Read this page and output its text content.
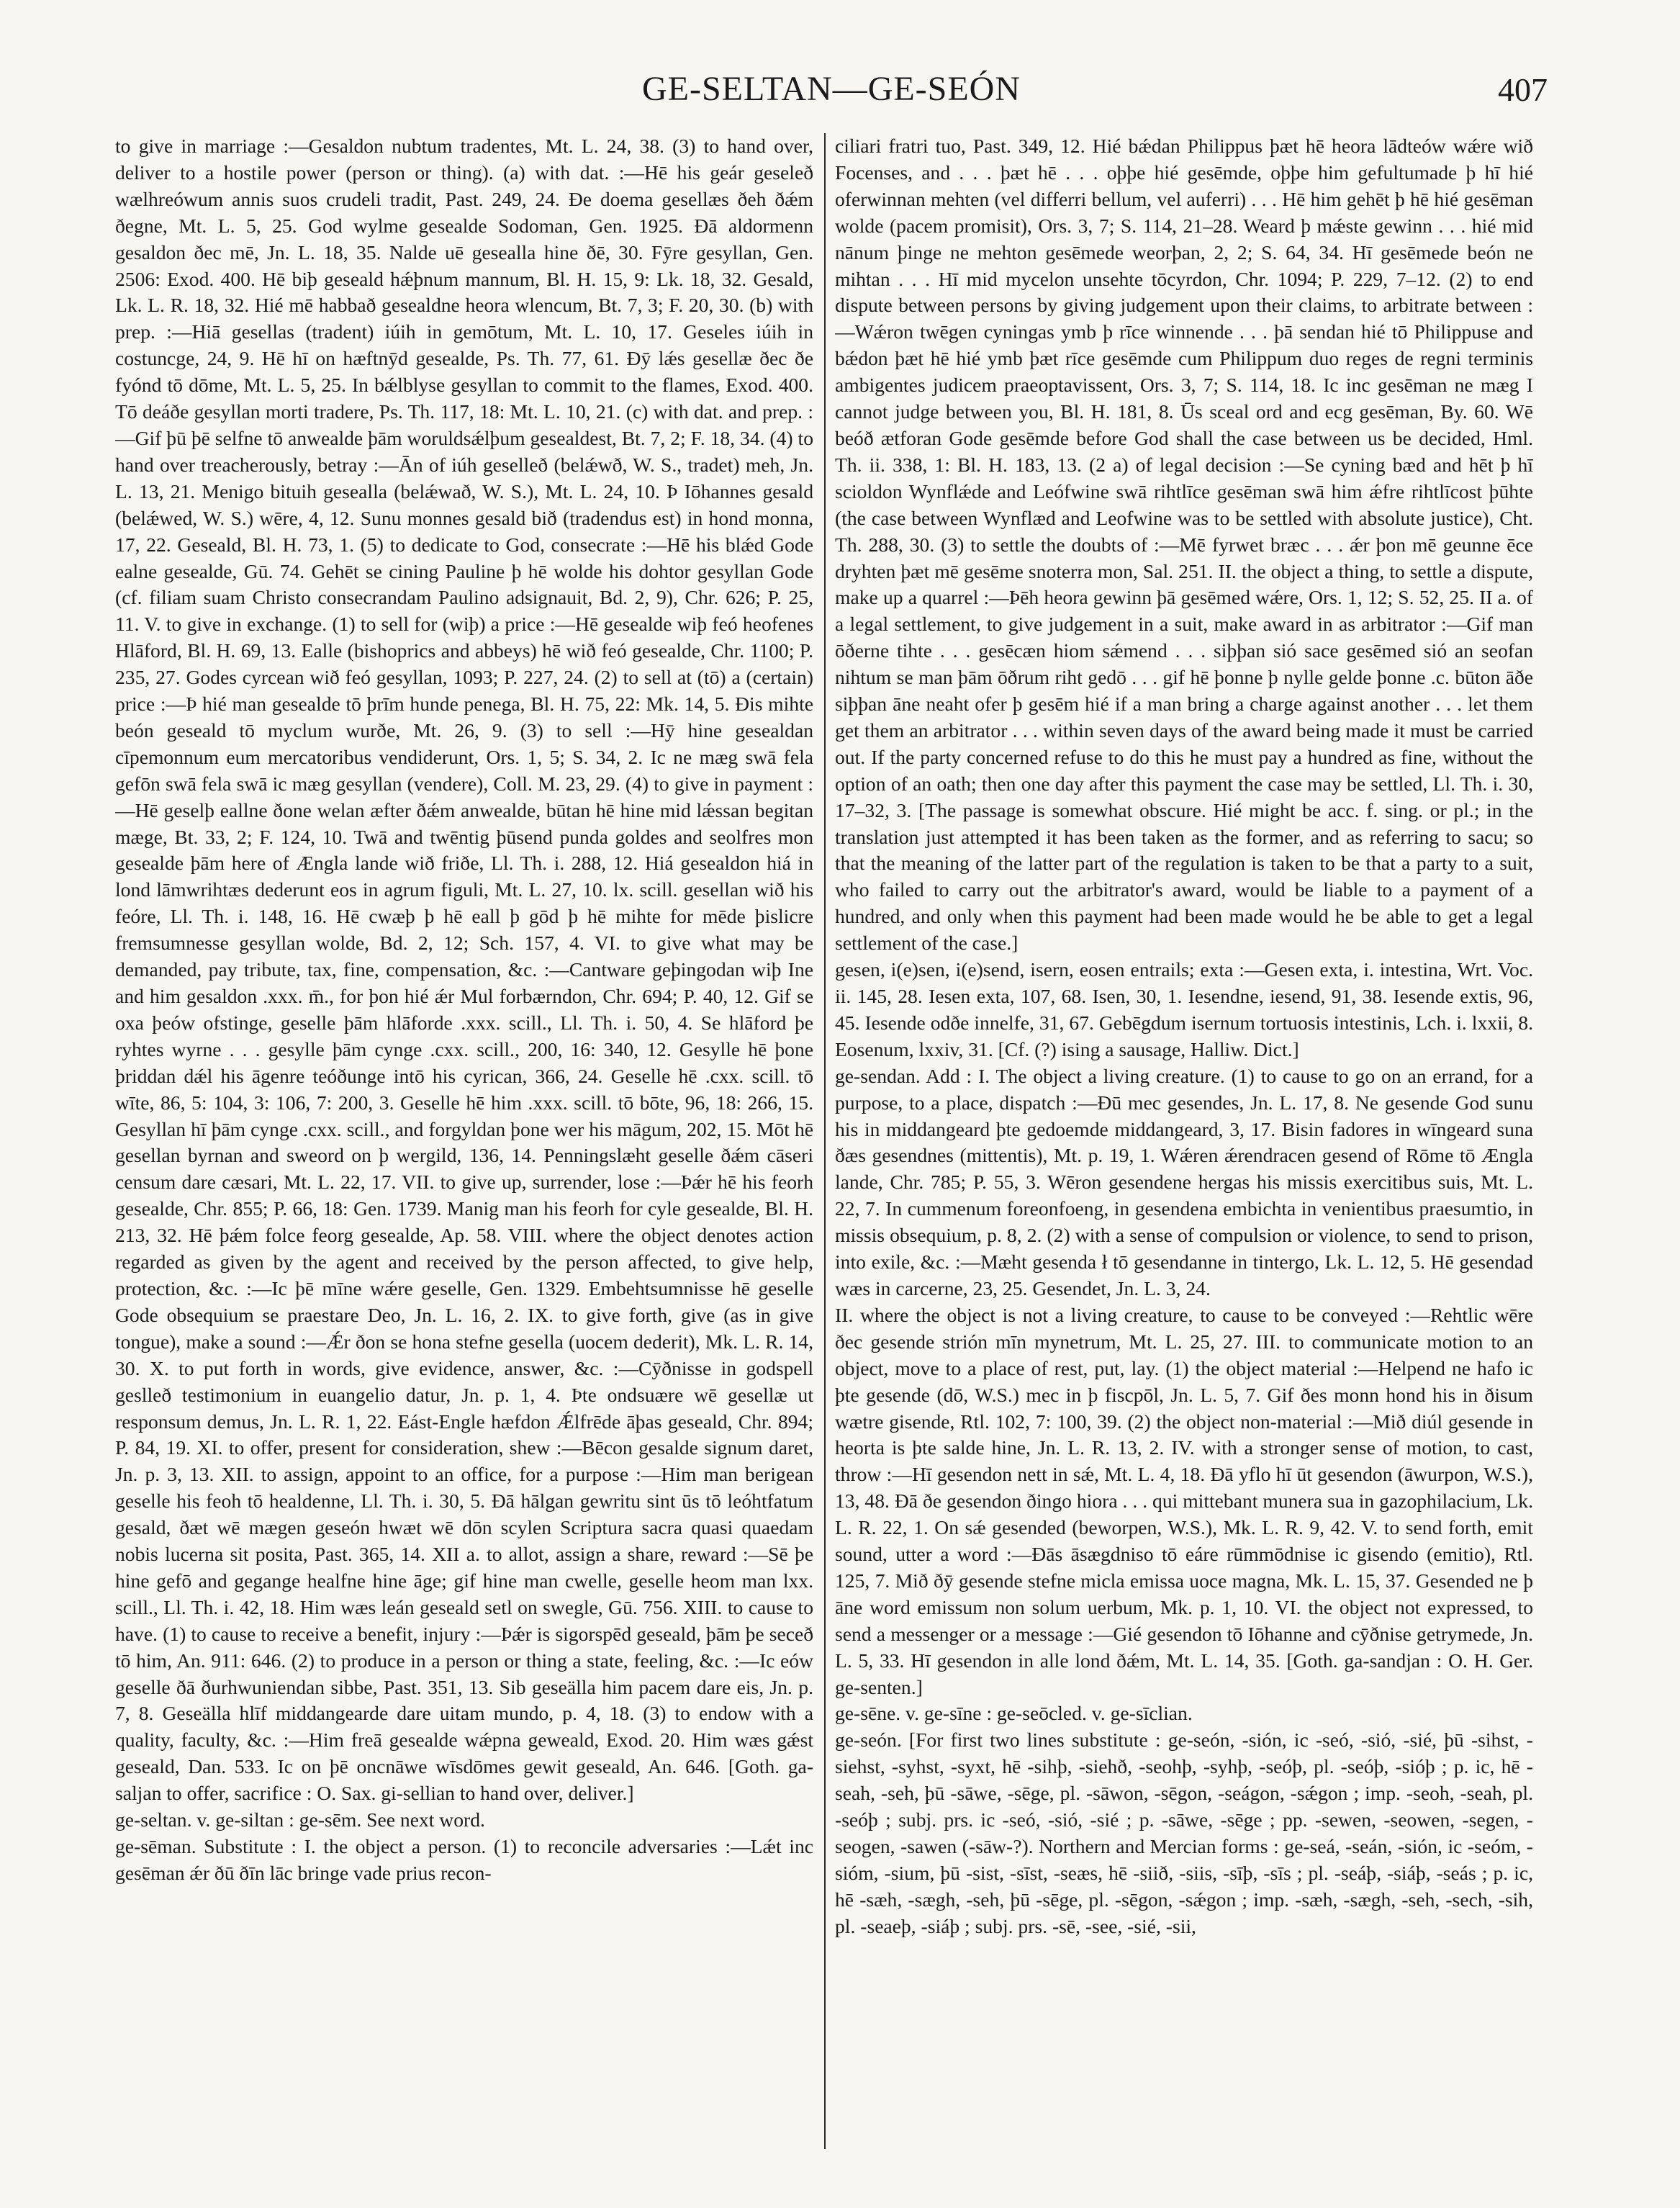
GE-SELTAN—GE-SEÓN	407
to give in marriage :—Gesaldon nubtum tradentes, Mt. L. 24, 38. (3) to hand over, deliver to a hostile power (person or thing). (a) with dat. :—Hē his geár geseleð wælhreówum annis suos crudeli tradit, Past. 249, 24. Ðe doema gesellæs ðeh ðǽm ðegne, Mt. L. 5, 25. God wylme gesealde Sodoman, Gen. 1925. Ðā aldormenn gesaldon ðec mē, Jn. L. 18, 35. Nalde uē gesealla hine ðē, 30. Fȳre gesyllan, Gen. 2506: Exod. 400. Hē biþ geseald hǽþnum mannum, Bl. H. 15, 9: Lk. 18, 32. Gesald, Lk. L. R. 18, 32. Hié mē habbað gesealdne heora wlencum, Bt. 7, 3; F. 20, 30. (b) with prep. :—Hiā gesellas (tradent) iúih in gemōtum, Mt. L. 10, 17. Geseles iúih in costuncge, 24, 9. Hē hī on hæftnȳd gesealde, Ps. Th. 77, 61. Ðȳ lǽs gesellæ ðec ðe fyónd tō dōme, Mt. L. 5, 25. In bǽlblyse gesyllan to commit to the flames, Exod. 400. Tō deáðe gesyllan morti tradere, Ps. Th. 117, 18: Mt. L. 10, 21. (c) with dat. and prep. :—Gif þū þē selfne tō anwealde þām woruldsǽlþum gesealdest, Bt. 7, 2; F. 18, 34. (4) to hand over treacherously, betray :—Ān of iúh geselleð (belǽwð, W. S., tradet) meh, Jn. L. 13, 21. Menigo bituih gesealla (belǽwað, W. S.), Mt. L. 24, 10. Þ Iōhannes gesald (belǽwed, W. S.) wēre, 4, 12. Sunu monnes gesald bið (tradendus est) in hond monna, 17, 22. Geseald, Bl. H. 73, 1. (5) to dedicate to God, consecrate :—Hē his blǽd Gode ealne gesealde, Gū. 74. Gehēt se cining Pauline þ hē wolde his dohtor gesyllan Gode (cf. filiam suam Christo consecrandam Paulino adsignauit, Bd. 2, 9), Chr. 626; P. 25, 11. V. to give in exchange. (1) to sell for (wiþ) a price :—Hē gesealde wiþ feó heofenes Hlāford, Bl. H. 69, 13. Ealle (bishoprics and abbeys) hē wið feó gesealde, Chr. 1100; P. 235, 27. Godes cyrcean wið feó gesyllan, 1093; P. 227, 24. (2) to sell at (tō) a (certain) price :—Þ hié man gesealde tō þrīm hunde penega, Bl. H. 75, 22: Mk. 14, 5. Ðis mihte beón geseald tō myclum wurðe, Mt. 26, 9. (3) to sell :—Hȳ hine gesealdan cīpemonnum eum mercatoribus vendiderunt, Ors. 1, 5; S. 34, 2. Ic ne mæg swā fela gefōn swā fela swā ic mæg gesyllan (vendere), Coll. M. 23, 29. (4) to give in payment :—Hē geselþ eallne ðone welan æfter ðǽm anwealde, būtan hē hine mid lǽssan begitan mæge, Bt. 33, 2; F. 124, 10. Twā and twēntig þūsend punda goldes and seolfres mon gesealde þām here of Ængla lande wið friðe, Ll. Th. i. 288, 12. Hiá gesealdon hiá in lond lāmwrihtæs dederunt eos in agrum figuli, Mt. L. 27, 10. lx. scill. gesellan wið his feóre, Ll. Th. i. 148, 16. Hē cwæþ þ hē eall þ gōd þ hē mihte for mēde þislicre fremsumnesse gesyllan wolde, Bd. 2, 12; Sch. 157, 4. VI. to give what may be demanded, pay tribute, tax, fine, compensation, &c. :—Cantware geþingodan wiþ Ine and him gesaldon .xxx. m̄., for þon hié ǽr Mul forbærndon, Chr. 694; P. 40, 12. Gif se oxa þeów ofstinge, geselle þām hlāforde .xxx. scill., Ll. Th. i. 50, 4. Se hlāford þe ryhtes wyrne . . . gesylle þām cynge .cxx. scill., 200, 16: 340, 12. Gesylle hē þone þriddan dǽl his āgenre teóðunge intō his cyrican, 366, 24. Geselle hē .cxx. scill. tō wīte, 86, 5: 104, 3: 106, 7: 200, 3. Geselle hē him .xxx. scill. tō bōte, 96, 18: 266, 15. Gesyllan hī þām cynge .cxx. scill., and forgyldan þone wer his māgum, 202, 15. Mōt hē gesellan byrnan and sweord on þ wergild, 136, 14. Penningslæht geselle ðǽm cāseri censum dare cæsari, Mt. L. 22, 17. VII. to give up, surrender, lose :—Þǽr hē his feorh gesealde, Chr. 855; P. 66, 18: Gen. 1739. Manig man his feorh for cyle gesealde, Bl. H. 213, 32. Hē þǽm folce feorg gesealde, Ap. 58. VIII. where the object denotes action regarded as given by the agent and received by the person affected, to give help, protection, &c. :—Ic þē mīne wǽre geselle, Gen. 1329. Embehtsumnisse hē geselle Gode obsequium se praestare Deo, Jn. L. 16, 2. IX. to give forth, give (as in give tongue), make a sound :—Ǽr ðon se hona stefne gesella (uocem dederit), Mk. L. R. 14, 30. X. to put forth in words, give evidence, answer, &c. :—Cȳðnisse in godspell geslleð testimonium in euangelio datur, Jn. p. 1, 4. Þte ondsuære wē gesellæ ut responsum demus, Jn. L. R. 1, 22. Eást-Engle hæfdon Ǽlfrēde āþas geseald, Chr. 894; P. 84, 19. XI. to offer, present for consideration, shew :—Bēcon gesalde signum daret, Jn. p. 3, 13. XII. to assign, appoint to an office, for a purpose :—Him man berigean geselle his feoh tō healdenne, Ll. Th. i. 30, 5. Ðā hālgan gewritu sint ūs tō leóhtfatum gesald, ðæt wē mægen geseón hwæt wē dōn scylen Scriptura sacra quasi quaedam nobis lucerna sit posita, Past. 365, 14. XII a. to allot, assign a share, reward :—Sē þe hine gefō and gegange healfne hine āge; gif hine man cwelle, geselle heom man lxx. scill., Ll. Th. i. 42, 18. Him wæs leán geseald setl on swegle, Gū. 756. XIII. to cause to have. (1) to cause to receive a benefit, injury :—Þǽr is sigorspēd geseald, þām þe seceð tō him, An. 911: 646. (2) to produce in a person or thing a state, feeling, &c. :—Ic eów geselle ðā ðurhwuniendan sibbe, Past. 351, 13. Sib geseälla him pacem dare eis, Jn. p. 7, 8. Geseälla hlīf middangearde dare uitam mundo, p. 4, 18. (3) to endow with a quality, faculty, &c. :—Him freā gesealde wǽpna geweald, Exod. 20. Him wæs gǽst geseald, Dan. 533. Ic on þē oncnāwe wīsdōmes gewit geseald, An. 646. [Goth. ga-saljan to offer, sacrifice : O. Sax. gi-sellian to hand over, deliver.]
ge-seltan. v. ge-siltan : ge-sēm. See next word.
ge-sēman. Substitute : I. the object a person. (1) to reconcile adversaries :—Lǽt inc gesēman ǽr ðū ðīn lāc bringe vade prius recon-
ciliari fratri tuo, Past. 349, 12. Hié bǽdan Philippus þæt hē heora lādteów wǽre wið Focenses, and . . . þæt hē . . . oþþe hié gesēmde, oþþe him gefultumade þ hī hié oferwinnan mehten (vel differri bellum, vel auferri) . . . Hē him gehēt þ hē hié gesēman wolde (pacem promisit), Ors. 3, 7; S. 114, 21–28. Weard þ mǽste gewinn . . . hié mid nānum þinge ne mehton gesēmede weorþan, 2, 2; S. 64, 34. Hī gesēmede beón ne mihtan . . . Hī mid mycelon unsehte tōcyrdon, Chr. 1094; P. 229, 7–12. (2) to end dispute between persons by giving judgement upon their claims, to arbitrate between :—Wǽron twēgen cyningas ymb þ rīce winnende . . . þā sendan hié tō Philippuse and bǽdon þæt hē hié ymb þæt rīce gesēmde cum Philippum duo reges de regni terminis ambigentes judicem praeoptavissent, Ors. 3, 7; S. 114, 18. Ic inc gesēman ne mæg I cannot judge between you, Bl. H. 181, 8. Ūs sceal ord and ecg gesēman, By. 60. Wē beóð ætforan Gode gesēmde before God shall the case between us be decided, Hml. Th. ii. 338, 1: Bl. H. 183, 13. (2 a) of legal decision :—Se cyning bæd and hēt þ hī scioldon Wynflǽde and Leófwine swā rihtlīce gesēman swā him ǽfre rihtlīcost þūhte (the case between Wynflæd and Leofwine was to be settled with absolute justice), Cht. Th. 288, 30. (3) to settle the doubts of :—Mē fyrwet bræc . . . ǽr þon mē geunne ēce dryhten þæt mē gesēme snoterra mon, Sal. 251. II. the object a thing, to settle a dispute, make up a quarrel :—Þēh heora gewinn þā gesēmed wǽre, Ors. 1, 12; S. 52, 25. II a. of a legal settlement, to give judgement in a suit, make award in as arbitrator :—Gif man ōðerne tihte . . . gesēcæn hiom sǽmend . . . siþþan sió sace gesēmed sió an seofan nihtum se man þām ōðrum riht gedō . . . gif hē þonne þ nylle gelde þonne .c. būton āðe siþþan āne neaht ofer þ gesēm hié if a man bring a charge against another . . . let them get them an arbitrator . . . within seven days of the award being made it must be carried out. If the party concerned refuse to do this he must pay a hundred as fine, without the option of an oath; then one day after this payment the case may be settled, Ll. Th. i. 30, 17–32, 3. [The passage is somewhat obscure. Hié might be acc. f. sing. or pl.; in the translation just attempted it has been taken as the former, and as referring to sacu; so that the meaning of the latter part of the regulation is taken to be that a party to a suit, who failed to carry out the arbitrator's award, would be liable to a payment of a hundred, and only when this payment had been made would he be able to get a legal settlement of the case.]
gesen, i(e)sen, i(e)send, isern, eosen entrails; exta :—Gesen exta, i. intestina, Wrt. Voc. ii. 145, 28. Iesen exta, 107, 68. Isen, 30, 1. Iesendne, iesend, 91, 38. Iesende extis, 96, 45. Iesende odðe innelfe, 31, 67. Gebēgdum isernum tortuosis intestinis, Lch. i. lxxii, 8. Eosenum, lxxiv, 31. [Cf. (?) ising a sausage, Halliw. Dict.]
ge-sendan. Add : I. The object a living creature. (1) to cause to go on an errand, for a purpose, to a place, dispatch :—Ðū mec gesendes, Jn. L. 17, 8. Ne gesende God sunu his in middangeard þte gedoemde middangeard, 3, 17. Bisin fadores in wīngeard suna ðæs gesendnes (mittentis), Mt. p. 19, 1. Wǽren ǽrendracen gesend of Rōme tō Ængla lande, Chr. 785; P. 55, 3. Wēron gesendene hergas his missis exercitibus suis, Mt. L. 22, 7. In cummenum foreonfoeng, in gesendena embichta in venientibus praesumtio, in missis obsequium, p. 8, 2. (2) with a sense of compulsion or violence, to send to prison, into exile, &c. :—Mæht gesenda ł tō gesendanne in tintergo, Lk. L. 12, 5. Hē gesendad wæs in carcerne, 23, 25. Gesendet, Jn. L. 3, 24.
II. where the object is not a living creature, to cause to be conveyed :—Rehtlic wēre ðec gesende strión mīn mynetrum, Mt. L. 25, 27. III. to communicate motion to an object, move to a place of rest, put, lay. (1) the object material :—Helpend ne hafo ic þte gesende (dō, W.S.) mec in þ fiscpōl, Jn. L. 5, 7. Gif ðes monn hond his in ðisum wætre gisende, Rtl. 102, 7: 100, 39. (2) the object non-material :—Mið diúl gesende in heorta is þte salde hine, Jn. L. R. 13, 2. IV. with a stronger sense of motion, to cast, throw :—Hī gesendon nett in sǽ, Mt. L. 4, 18. Ðā yflo hī ūt gesendon (āwurpon, W.S.), 13, 48. Ðā ðe gesendon ðingo hiora . . . qui mittebant munera sua in gazophilacium, Lk. L. R. 22, 1. On sǽ gesended (beworpen, W.S.), Mk. L. R. 9, 42. V. to send forth, emit sound, utter a word :—Ðās āsægdniso tō eáre rūmmōdnise ic gisendo (emitio), Rtl. 125, 7. Mið ðȳ gesende stefne micla emissa uoce magna, Mk. L. 15, 37. Gesended ne þ āne word emissum non solum uerbum, Mk. p. 1, 10. VI. the object not expressed, to send a messenger or a message :—Gié gesendon tō Iōhanne and cȳðnise getrymede, Jn. L. 5, 33. Hī gesendon in alle lond ðǽm, Mt. L. 14, 35. [Goth. ga-sandjan : O. H. Ger. ge-senten.]
ge-sēne. v. ge-sīne : ge-seōcled. v. ge-sīclian.
ge-seón. [For first two lines substitute : ge-seón, -sión, ic -seó, -sió, -sié, þū -sihst, -siehst, -syhst, -syxt, hē -sihþ, -siehð, -seohþ, -syhþ, -seóþ, pl. -seóþ, -sióþ ; p. ic, hē -seah, -seh, þū -sāwe, -sēge, pl. -sāwon, -sēgon, -seágon, -sǽgon ; imp. -seoh, -seah, pl. -seóþ ; subj. prs. ic -seó, -sió, -sié ; p. -sāwe, -sēge ; pp. -sewen, -seowen, -segen, -seogen, -sawen (-sāw-?). Northern and Mercian forms : ge-seá, -seán, -sión, ic -seóm, -sióm, -sium, þū -sist, -sīst, -seæs, hē -siið, -siis, -sīþ, -sīs ; pl. -seáþ, -siáþ, -seás ; p. ic, hē -sæh, -sægh, -seh, þū -sēge, pl. -sēgon, -sǽgon ; imp. -sæh, -sægh, -seh, -sech, -sih, pl. -seaeþ, -siáþ ; subj. prs. -sē, -see, -sié, -sii,
